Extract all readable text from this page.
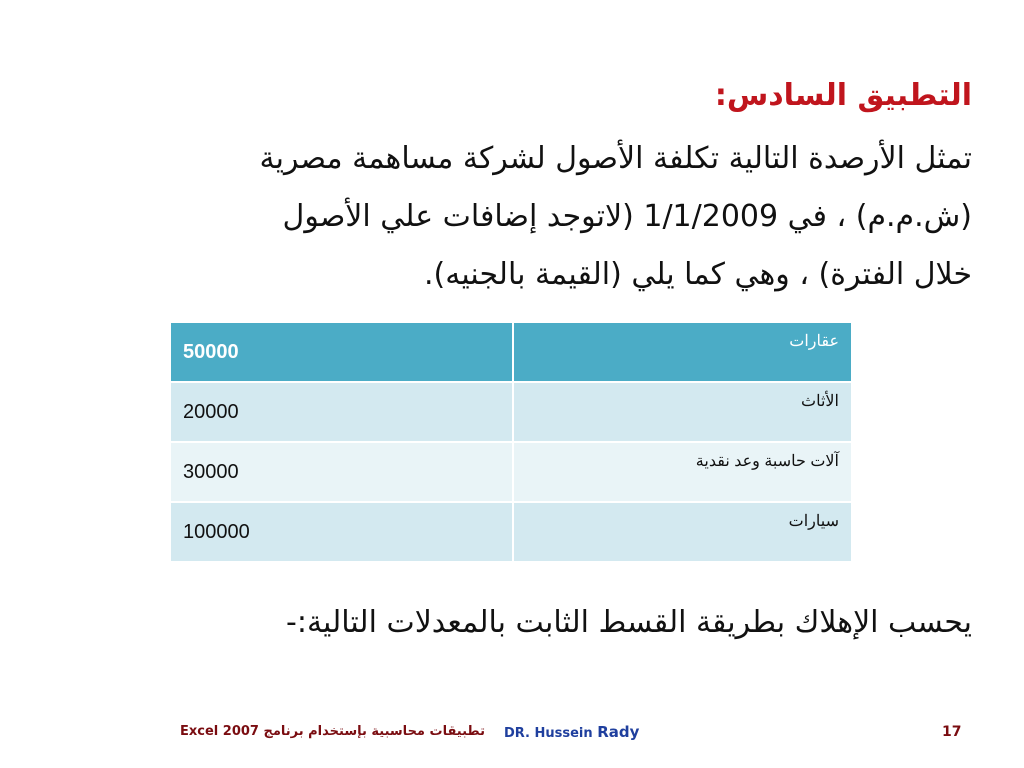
التطبيق السادس:

تمثل الأرصدة التالية تكلفة الأصول لشركة مساهمة مصرية
(ش.م.م) ، في 1/1/2009 (لاتوجد إضافات علي الأصول
خلال الفترة) ، وهي كما يلي (القيمة بالجنيه).

50000	عقارات
20000	الأثاث
30000	آلات حاسبة وعد نقدية
100000	سيارات
يحسب الإهلاك بطريقة القسط الثابت بالمعدلات التالية:-
Excel 2007 تطبيقات محاسبية بإستخدام برنامج DR. Hussein Rady	17
